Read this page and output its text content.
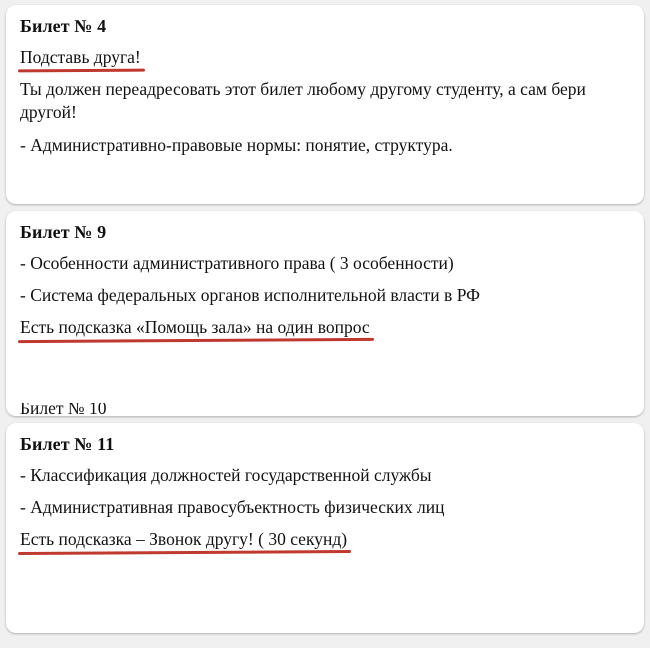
Билет № 4

Подставь друга!

Ты должен переадресовать этот билет любому другому студенту, а сам бери другой!

- Административно-правовые нормы: понятие, структура.

Билет № 9

- Особенности административного права ( 3 особенности)

- Система федеральных органов исполнительной власти в РФ

Есть подсказка «Помощь зала» на один вопрос

Билет № 10
Билет № 11

- Классификация должностей государственной службы

- Административная правосубъектность физических лиц

Есть подсказка – Звонок другу! ( 30 секунд)
